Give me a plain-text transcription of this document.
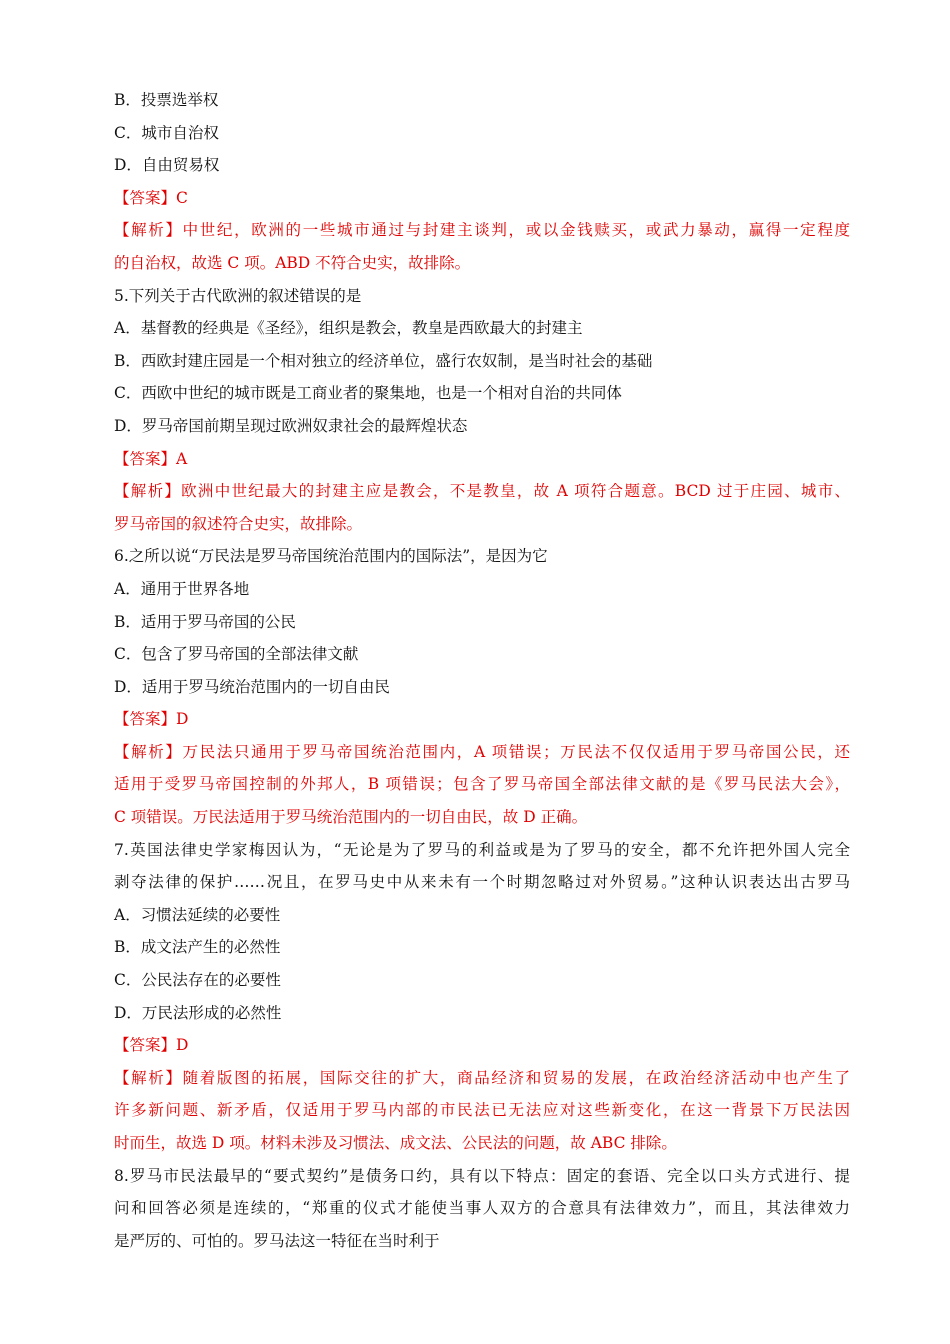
B．投票选举权
C．城市自治权
D．自由贸易权
【答案】C
【解析】中世纪，欧洲的一些城市通过与封建主谈判，或以金钱赎买，或武力暴动，赢得一定程度
的自治权，故选 C 项。ABD 不符合史实，故排除。
5.下列关于古代欧洲的叙述错误的是
A．基督教的经典是《圣经》，组织是教会，教皇是西欧最大的封建主
B．西欧封建庄园是一个相对独立的经济单位，盛行农奴制，是当时社会的基础
C．西欧中世纪的城市既是工商业者的聚集地，也是一个相对自治的共同体
D．罗马帝国前期呈现过欧洲奴隶社会的最辉煌状态
【答案】A
【解析】欧洲中世纪最大的封建主应是教会，不是教皇，故 A 项符合题意。BCD 过于庄园、城市、
罗马帝国的叙述符合史实，故排除。
6.之所以说“万民法是罗马帝国统治范围内的国际法”，是因为它
A．通用于世界各地
B．适用于罗马帝国的公民
C．包含了罗马帝国的全部法律文献
D．适用于罗马统治范围内的一切自由民
【答案】D
【解析】万民法只通用于罗马帝国统治范围内，A 项错误；万民法不仅仅适用于罗马帝国公民，还
适用于受罗马帝国控制的外邦人，B 项错误；包含了罗马帝国全部法律文献的是《罗马民法大会》，
C 项错误。万民法适用于罗马统治范围内的一切自由民，故 D 正确。
7.英国法律史学家梅因认为，“无论是为了罗马的利益或是为了罗马的安全，都不允许把外国人完全
剥夺法律的保护……况且，在罗马史中从来未有一个时期忽略过对外贸易。”这种认识表达出古罗马
A．习惯法延续的必要性
B．成文法产生的必然性
C．公民法存在的必要性
D．万民法形成的必然性
【答案】D
【解析】随着版图的拓展，国际交往的扩大，商品经济和贸易的发展，在政治经济活动中也产生了
许多新问题、新矛盾，仅适用于罗马内部的市民法已无法应对这些新变化，在这一背景下万民法因
时而生，故选 D 项。材料未涉及习惯法、成文法、公民法的问题，故 ABC 排除。
8.罗马市民法最早的“要式契约”是债务口约，具有以下特点：固定的套语、完全以口头方式进行、提
问和回答必须是连续的，“郑重的仪式才能使当事人双方的合意具有法律效力”，而且，其法律效力
是严厉的、可怕的。罗马法这一特征在当时利于
